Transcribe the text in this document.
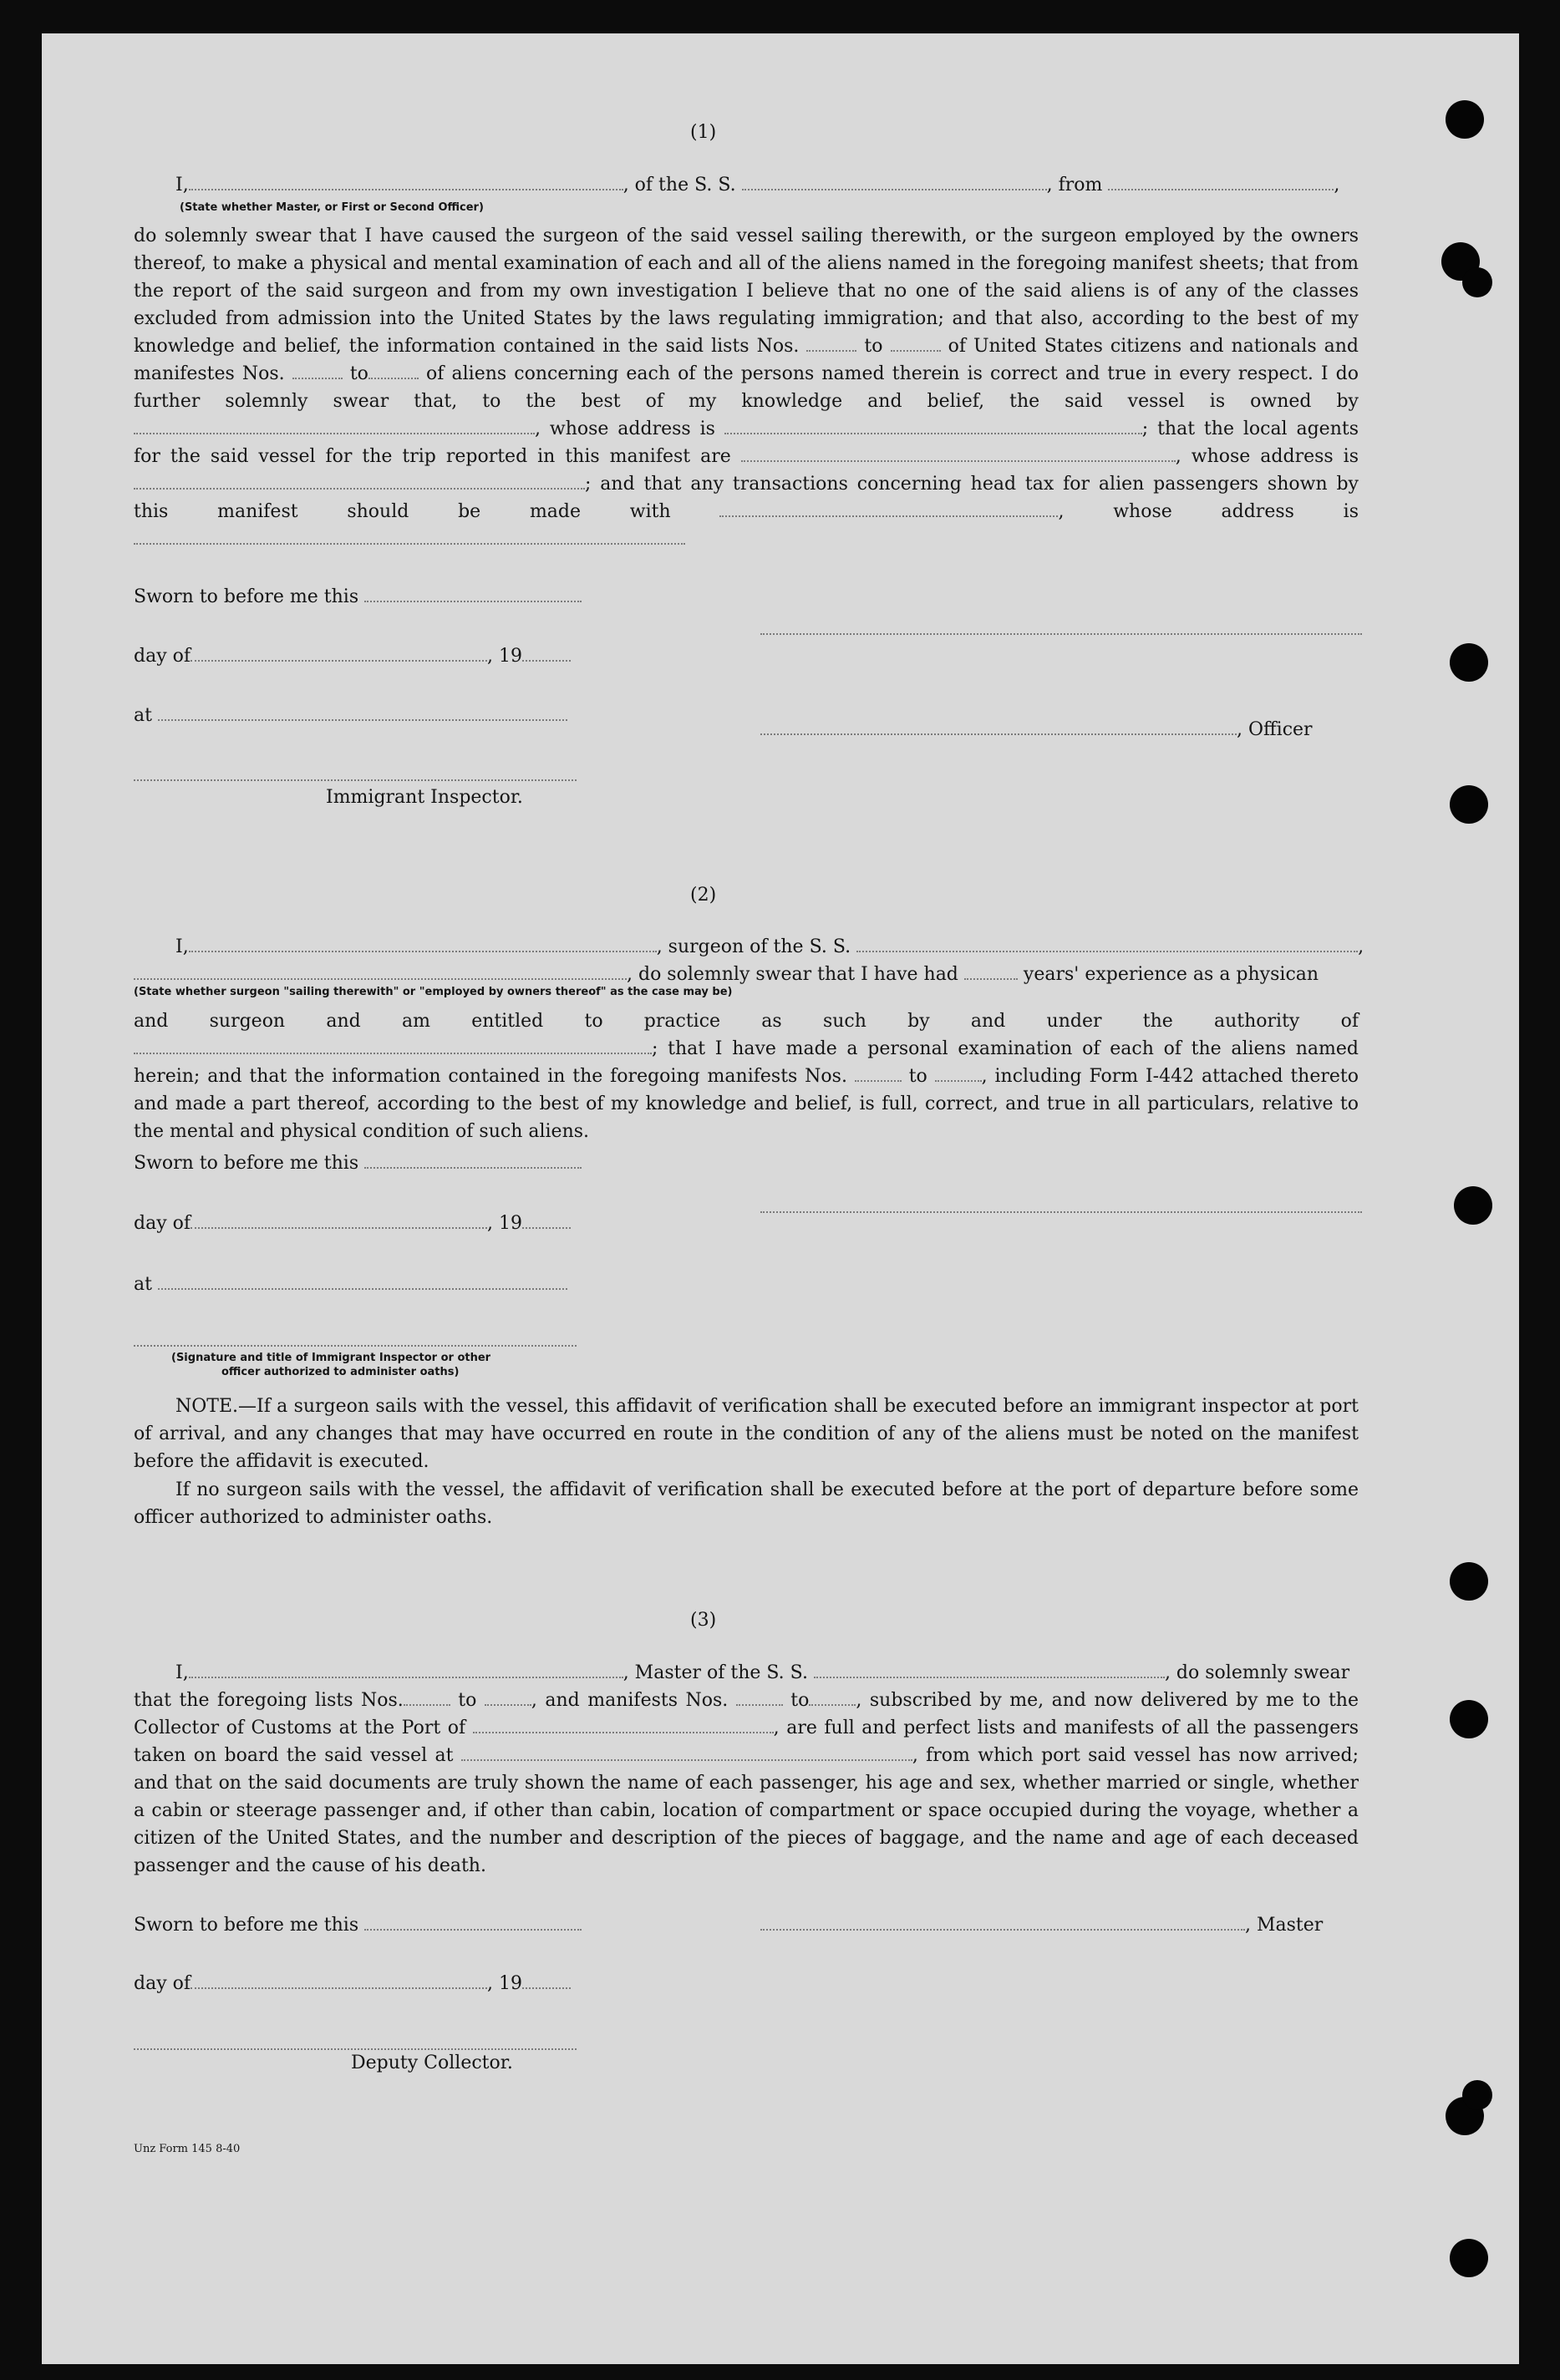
(1)
I,	, of the S. S.	, from	,
(State whether Master, or First or Second Officer)
do solemnly swear that I have caused the surgeon of the said vessel sailing therewith, or the surgeon employed by the owners thereof, to make a physical and mental examination of each and all of the aliens named in the foregoing manifest sheets; that from the report of the said surgeon and from my own investigation I believe that no one of the said aliens is of any of the classes excluded from admission into the United States by the laws regulating immigration; and that also, according to the best of my knowledge and belief, the information contained in the said lists Nos.	to	of United States citizens and nationals and manifestes Nos.	to	of aliens concerning each of the persons named therein is correct and true in every respect. I do further solemnly swear that, to the best of my knowledge and belief, the said vessel is owned by , whose address is	; that the local agents for the said vessel for the trip reported in this manifest are	, whose address is ; and that any transactions concerning head tax for alien passengers shown by this manifest should be made with	,	whose address is
Sworn to before me this
day of	, 19
at
, Officer
Immigrant Inspector.
(2)
I,	, surgeon of the S. S.	,
, do solemnly swear that I have had	years' experience as a physican
(State whether surgeon "sailing therewith" or "employed by owners thereof" as the case may be)
and surgeon and am entitled to practice as such by and under the authority of; that I have made a personal examination of each of the aliens named herein; and that the information contained in the foregoing manifests Nos.	to	, including Form I-442 attached thereto and made a part thereof, according to the best of my knowledge and belief, is full, correct, and true in all particulars, relative to the mental and physical condition of such aliens.
Sworn to before me this
day of	, 19
at
(Signature and title of Immigrant Inspector or other
officer authorized to administer oaths)
NOTE.—If a surgeon sails with the vessel, this affidavit of verification shall be executed before an immigrant inspector at port of arrival, and any changes that may have occurred en route in the condition of any of the aliens must be noted on the manifest before the affidavit is executed.
If no surgeon sails with the vessel, the affidavit of verification shall be executed before at the port of departure before some officer authorized to administer oaths.
(3)
I,	, Master of the S. S.	, do solemnly swear
that the foregoing lists Nos.	to	, and manifests Nos.	to	, subscribed by me, and now delivered by me to the Collector of Customs at the Port of	, are full and perfect lists and manifests of all the passengers taken on board the said vessel at	, from which port said vessel has now arrived; and that on the said documents are truly shown the name of each passenger, his age and sex, whether married or single, whether a cabin or steerage passenger and, if other than cabin, location of compartment or space occupied during the voyage, whether a citizen of the United States, and the number and description of the pieces of baggage, and the name and age of each deceased passenger and the cause of his death.
Sworn to before me this	, Master
day of	, 19
Deputy Collector.
Unz Form 145 8-40
